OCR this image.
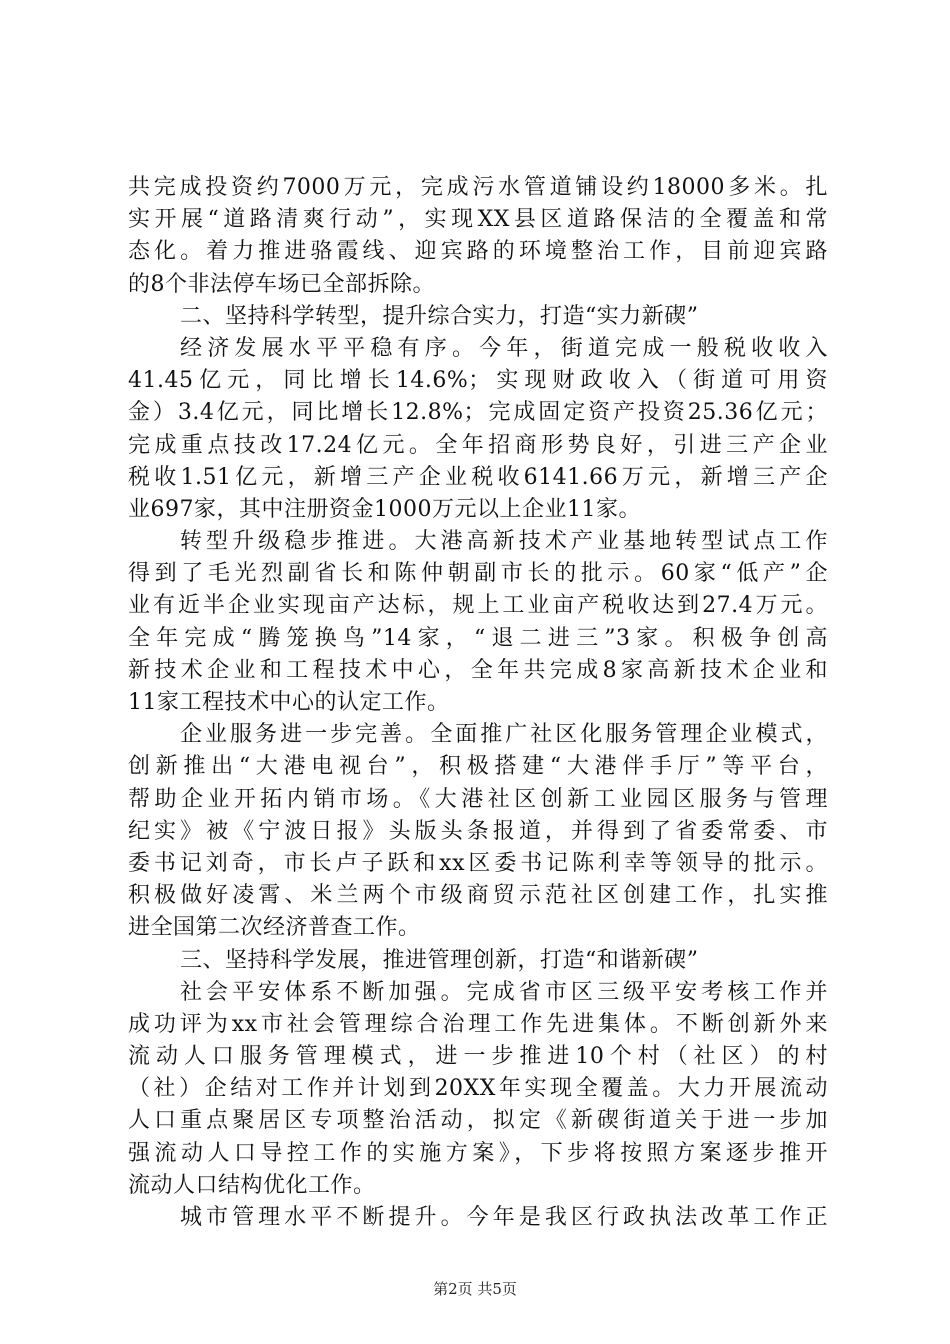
共完成投资约7000万元，完成污水管道铺设约18000多米。扎
实开展“道路清爽行动”，实现XX县区道路保洁的全覆盖和常
态化。着力推进骆霞线、迎宾路的环境整治工作，目前迎宾路
的8个非法停车场已全部拆除。
二、坚持科学转型，提升综合实力，打造“实力新碶”
经济发展水平平稳有序。今年，街道完成一般税收收入
41.45亿元，同比增长14.6%；实现财政收入（街道可用资
金）3.4亿元，同比增长12.8%；完成固定资产投资25.36亿元；
完成重点技改17.24亿元。全年招商形势良好，引进三产企业
税收1.51亿元，新增三产企业税收6141.66万元，新增三产企
业697家，其中注册资金1000万元以上企业11家。
转型升级稳步推进。大港高新技术产业基地转型试点工作
得到了毛光烈副省长和陈仲朝副市长的批示。60家“低产”企
业有近半企业实现亩产达标，规上工业亩产税收达到27.4万元。
全年完成“腾笼换鸟”14家，“退二进三”3家。积极争创高
新技术企业和工程技术中心，全年共完成8家高新技术企业和
11家工程技术中心的认定工作。
企业服务进一步完善。全面推广社区化服务管理企业模式，
创新推出“大港电视台”，积极搭建“大港伴手厅”等平台，
帮助企业开拓内销市场。《大港社区创新工业园区服务与管理
纪实》被《宁波日报》头版头条报道，并得到了省委常委、市
委书记刘奇，市长卢子跃和xx区委书记陈利幸等领导的批示。
积极做好凌霄、米兰两个市级商贸示范社区创建工作，扎实推
进全国第二次经济普查工作。
三、坚持科学发展，推进管理创新，打造“和谐新碶”
社会平安体系不断加强。完成省市区三级平安考核工作并
成功评为xx市社会管理综合治理工作先进集体。不断创新外来
流动人口服务管理模式，进一步推进10个村（社区）的村
（社）企结对工作并计划到20XX年实现全覆盖。大力开展流动
人口重点聚居区专项整治活动，拟定《新碶街道关于进一步加
强流动人口导控工作的实施方案》，下步将按照方案逐步推开
流动人口结构优化工作。
城市管理水平不断提升。今年是我区行政执法改革工作正
第2页 共5页
